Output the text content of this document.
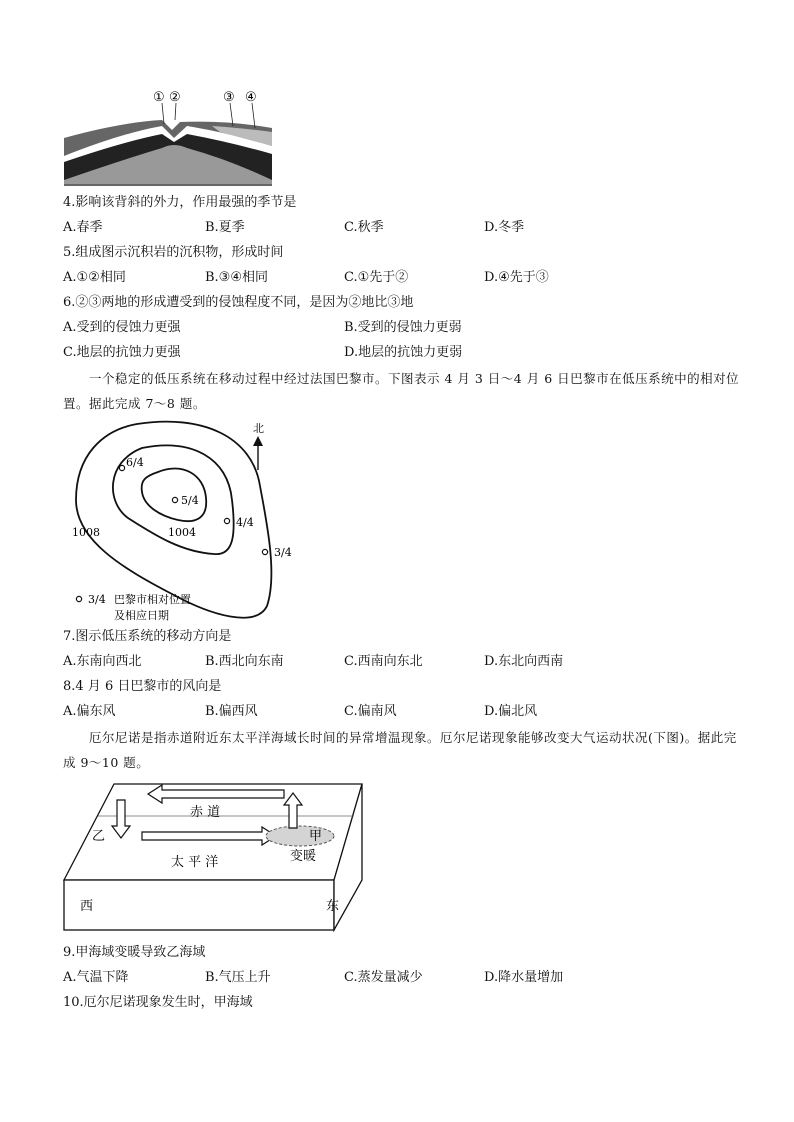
① ②	③ ④
4.影响该背斜的外力，作用最强的季节是
A.春季	B.夏季	C.秋季	D.冬季
5.组成图示沉积岩的沉积物，形成时间
A.①②相同	B.③④相同	C.①先于②	D.④先于③
6.②③两地的形成遭受到的侵蚀程度不同，是因为②地比③地
A.受到的侵蚀力更强	B.受到的侵蚀力更弱
C.地层的抗蚀力更强	D.地层的抗蚀力更弱

一个稳定的低压系统在移动过程中经过法国巴黎市。下图表示 4 月 3 日～4 月 6 日巴黎市在低压系统中的相对位置。据此完成 7～8 题。

6/4
5/4
4/4
3/4
1008	1004
北
3/4 巴黎市相对位置
及相应日期
7.图示低压系统的移动方向是
A.东南向西北	B.西北向东南	C.西南向东北	D.东北向西南
8.4 月 6 日巴黎市的风向是
A.偏东风	B.偏西风	C.偏南风	D.偏北风

厄尔尼诺是指赤道附近东太平洋海域长时间的异常增温现象。厄尔尼诺现象能够改变大气运动状况(下图)。据此完成 9～10 题。

赤 道
乙	甲
变暖
太 平 洋
西	东
9.甲海域变暖导致乙海域
A.气温下降	B.气压上升	C.蒸发量减少	D.降水量增加
10.厄尔尼诺现象发生时，甲海域
